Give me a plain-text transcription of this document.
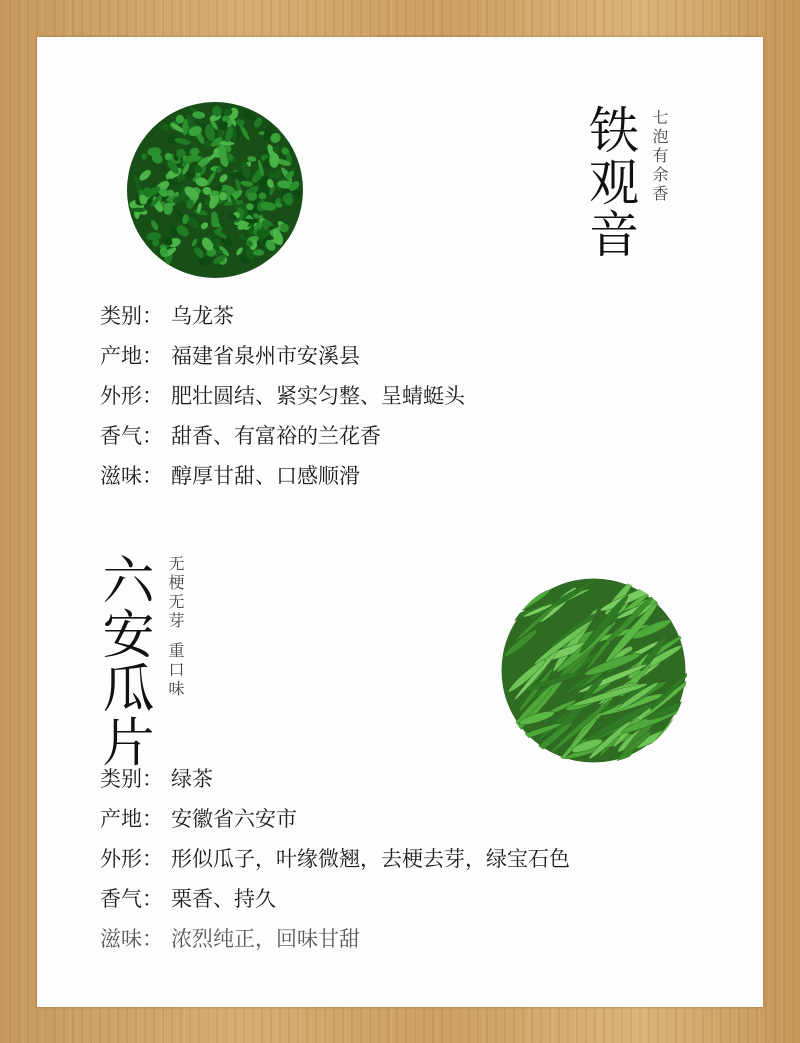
铁观音 七泡有余香
类别： 乌龙茶
产地： 福建省泉州市安溪县
外形： 肥壮圆结、紧实匀整、呈蜻蜓头
香气： 甜香、有富裕的兰花香
滋味： 醇厚甘甜、口感顺滑
六安瓜片 无梗无芽
重口味
类别： 绿茶
产地： 安徽省六安市
外形： 形似瓜子，叶缘微翘，去梗去芽，绿宝石色
香气： 栗香、持久
滋味： 浓烈纯正，回味甘甜
